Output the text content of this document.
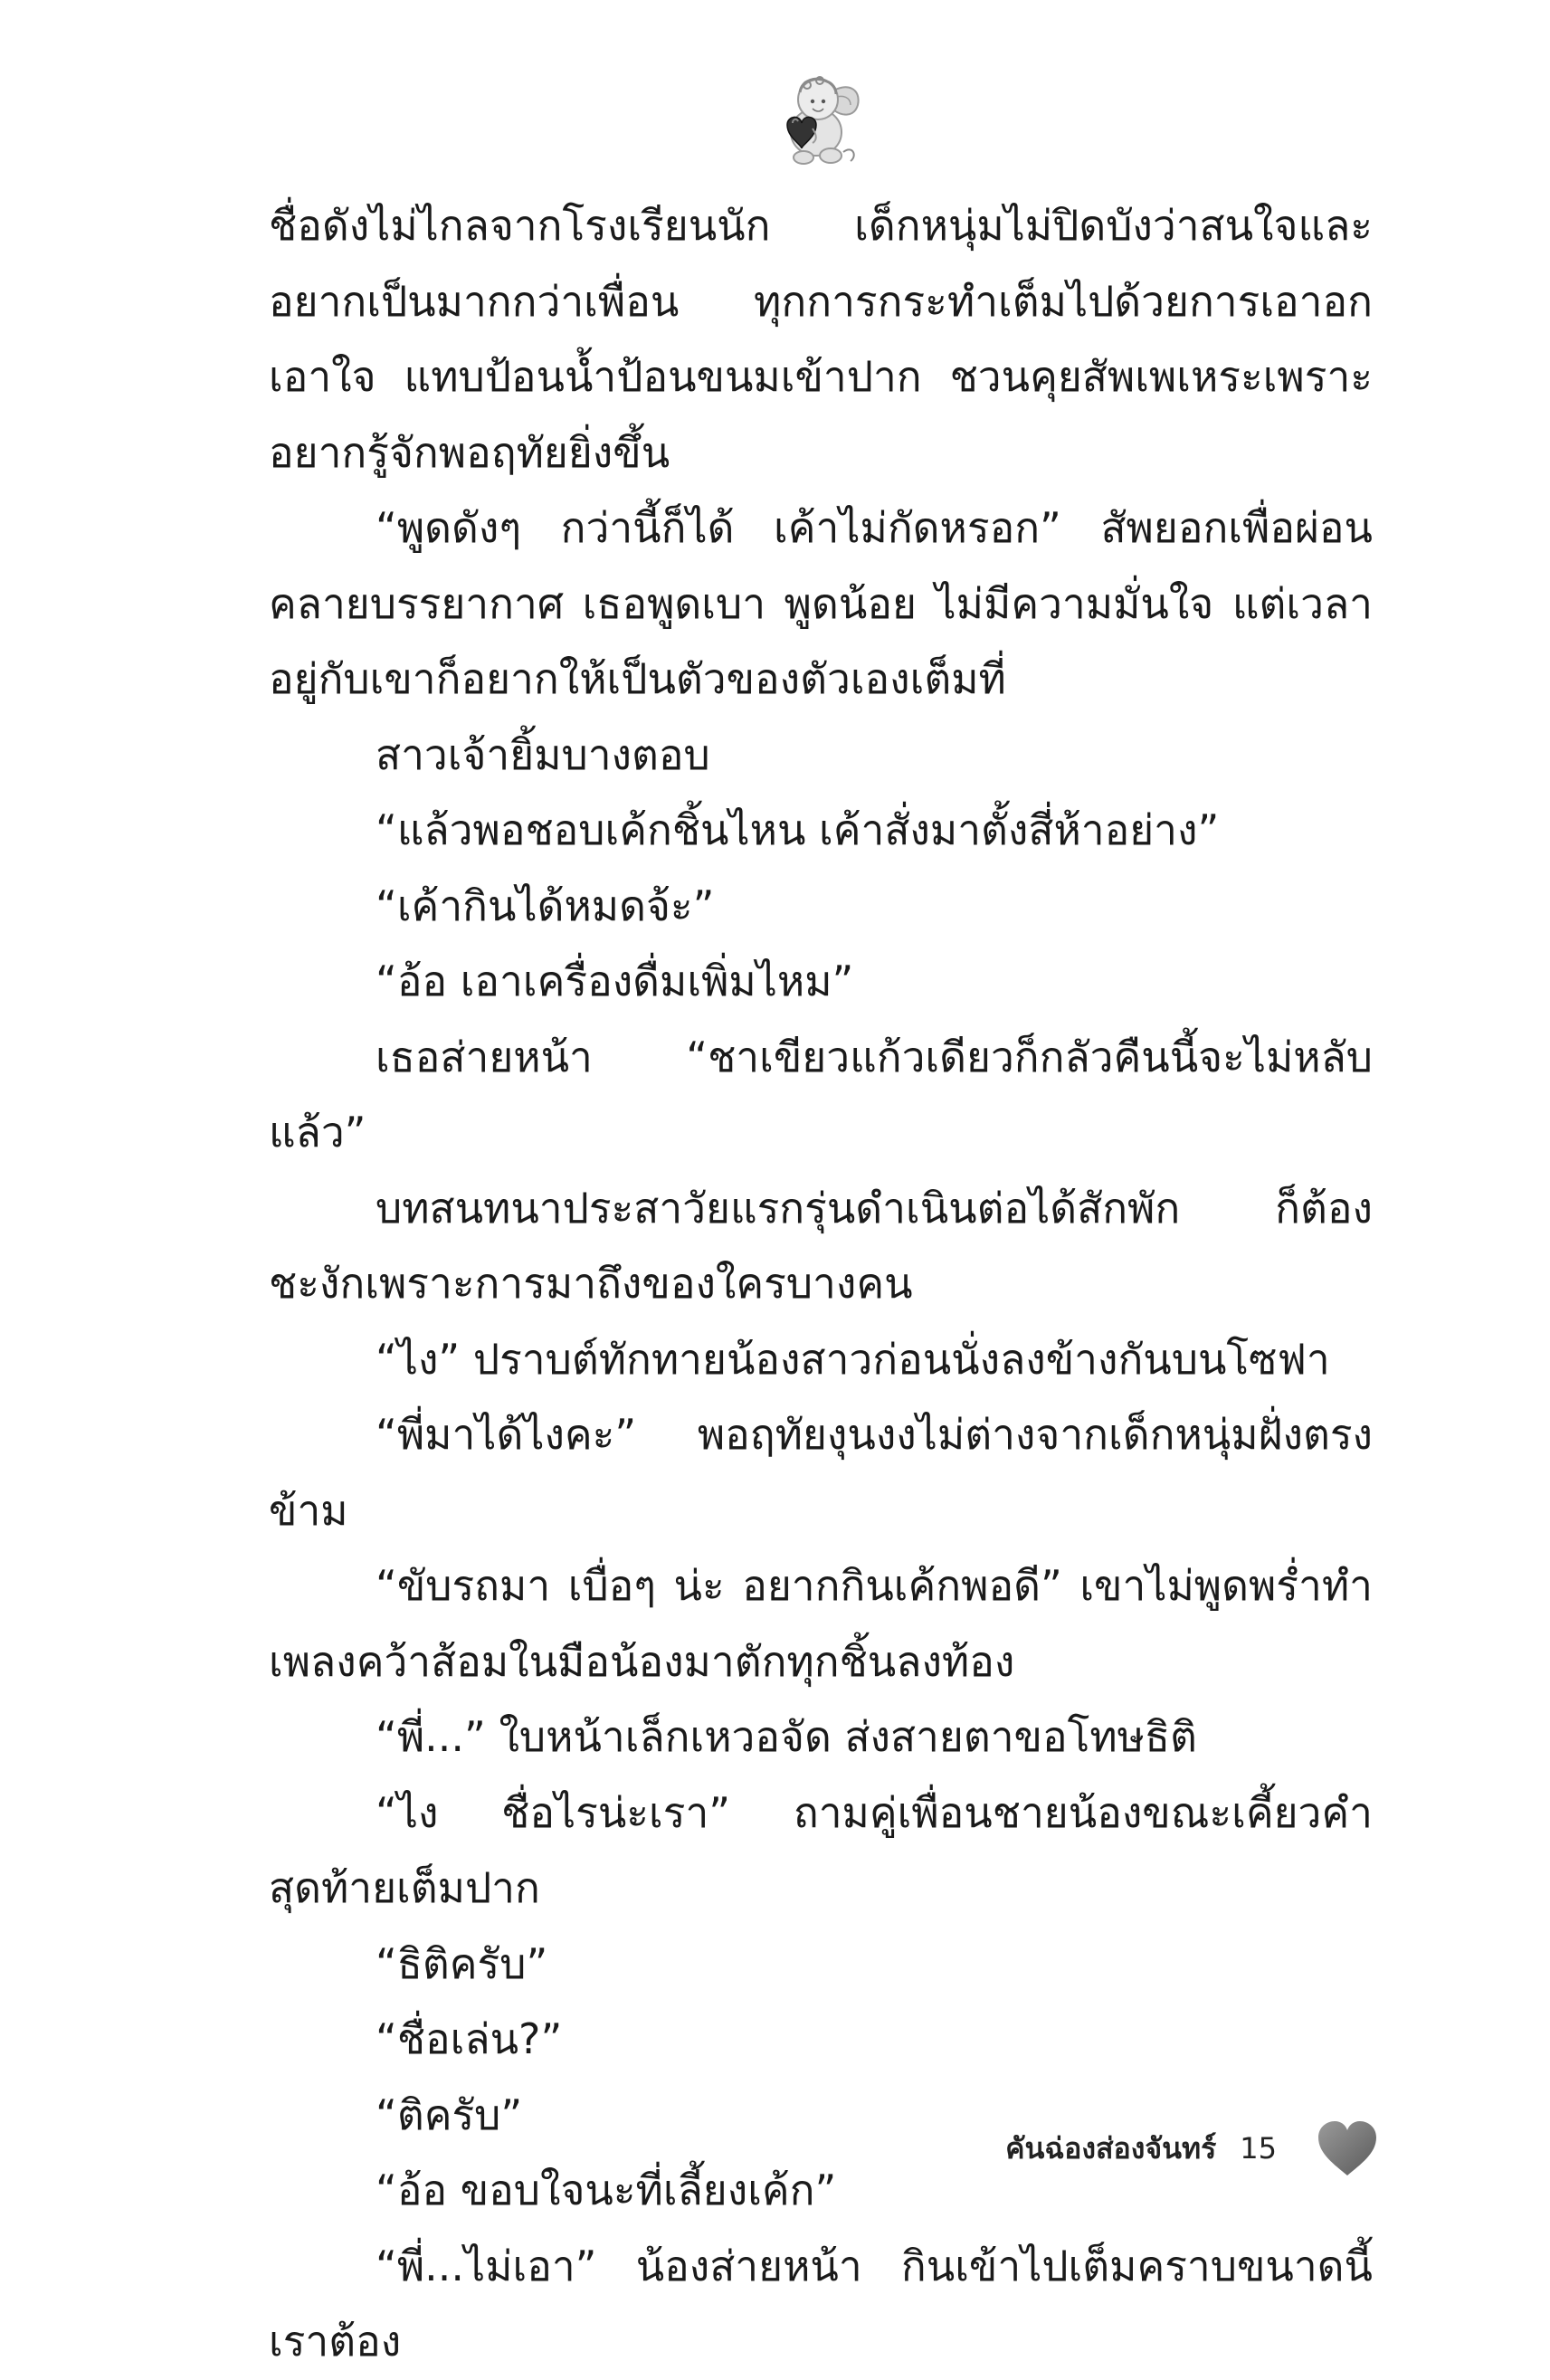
ชื่อดังไม่ไกลจากโรงเรียนนัก เด็กหนุ่มไม่ปิดบังว่าสนใจและอยากเป็นมากกว่าเพื่อน ทุกการกระทำเต็มไปด้วยการเอาอกเอาใจ แทบป้อนน้ำป้อนขนมเข้าปาก ชวนคุยสัพเพเหระเพราะอยากรู้จักพอฤทัยยิ่งขึ้น

“พูดดังๆ กว่านี้ก็ได้ เค้าไม่กัดหรอก” สัพยอกเพื่อผ่อนคลายบรรยากาศ เธอพูดเบา พูดน้อย ไม่มีความมั่นใจ แต่เวลาอยู่กับเขาก็อยากให้เป็นตัวของตัวเองเต็มที่

สาวเจ้ายิ้มบางตอบ

“แล้วพอชอบเค้กชิ้นไหน เค้าสั่งมาตั้งสี่ห้าอย่าง”

“เค้ากินได้หมดจ้ะ”

“อ้อ เอาเครื่องดื่มเพิ่มไหม”

เธอส่ายหน้า “ชาเขียวแก้วเดียวก็กลัวคืนนี้จะไม่หลับแล้ว”

บทสนทนาประสาวัยแรกรุ่นดำเนินต่อได้สักพัก ก็ต้องชะงักเพราะการมาถึงของใครบางคน

“ไง” ปราบต์ทักทายน้องสาวก่อนนั่งลงข้างกันบนโซฟา

“พี่มาได้ไงคะ” พอฤทัยงุนงงไม่ต่างจากเด็กหนุ่มฝั่งตรงข้าม

“ขับรถมา เบื่อๆ น่ะ อยากกินเค้กพอดี” เขาไม่พูดพร่ำทำเพลงคว้าส้อมในมือน้องมาตักทุกชิ้นลงท้อง

“พี่...” ใบหน้าเล็กเหวอจัด ส่งสายตาขอโทษธิติ

“ไง ชื่อไรน่ะเรา” ถามคู่เพื่อนชายน้องขณะเคี้ยวคำสุดท้ายเต็มปาก

“ธิติครับ”

“ชื่อเล่น?”

“ติครับ”

“อ้อ ขอบใจนะที่เลี้ยงเค้ก”

“พี่...ไม่เอา” น้องส่ายหน้า กินเข้าไปเต็มคราบขนาดนี้เราต้อง

คันฉ่องส่องจันทร์ 15
